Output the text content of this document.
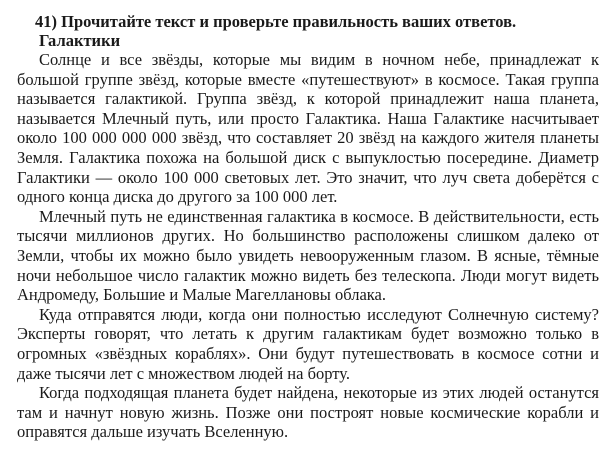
41) Прочитайте текст и проверьте правильность ваших ответов.
Галактики

Солнце и все звёзды, которые мы видим в ночном небе, принадлежат к большой группе звёзд, которые вместе «путешествуют» в космосе. Такая группа называется галактикой. Группа звёзд, к которой принадлежит наша планета, называется Млечный путь, или просто Галактика. Наша Галактике насчитывает около 100 000 000 000 звёзд, что составляет 20 звёзд на каждого жителя планеты Земля. Галактика похожа на большой диск с выпуклостью посередине. Диаметр Галактики — около 100 000 световых лет. Это значит, что луч света доберётся с одного конца диска до другого за 100 000 лет.

Млечный путь не единственная галактика в космосе. В действительности, есть тысячи миллионов других. Но большинство расположены слишком далеко от Земли, чтобы их можно было увидеть невооруженным глазом. В ясные, тёмные ночи небольшое число галактик можно видеть без телескопа. Люди могут видеть Андромеду, Большие и Малые Магеллановы облака.

Куда отправятся люди, когда они полностью исследуют Солнечную систему? Эксперты говорят, что летать к другим галактикам будет возможно только в огромных «звёздных кораблях». Они будут путешествовать в космосе сотни и даже тысячи лет с множеством людей на борту.

Когда подходящая планета будет найдена, некоторые из этих людей останутся там и начнут новую жизнь. Позже они построят новые космические корабли и оправятся дальше изучать Вселенную.
